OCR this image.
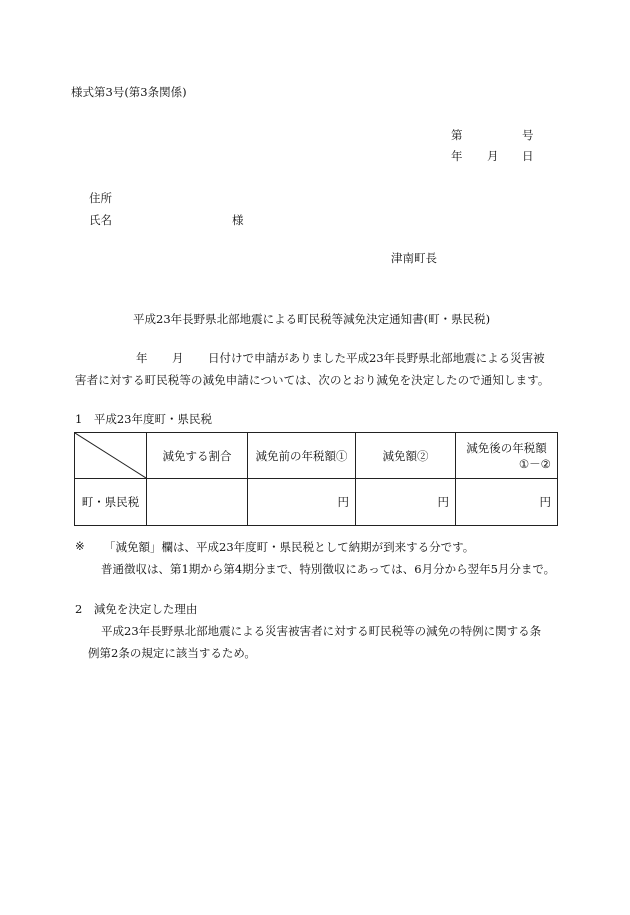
様式第3号(第3条関係)
第	号
年 月 日
住所
氏名	様
津南町長
平成23年長野県北部地震による町民税等減免決定通知書(町・県民税)
年 月 日付けで申請がありました平成23年長野県北部地震による災害被
害者に対する町民税等の減免申請については、次のとおり減免を決定したので通知します。
1　平成23年度町・県民税
	減免する割合	減免前の年税額①	減免額②	減免後の年税額
①－②

町・県民税		円	円	円
※ 「減免額」欄は、平成23年度町・県民税として納期が到来する分です。
普通徴収は、第1期から第4期分まで、特別徴収にあっては、6月分から翌年5月分まで。
2　減免を決定した理由
平成23年長野県北部地震による災害被害者に対する町民税等の減免の特例に関する条
例第2条の規定に該当するため。
